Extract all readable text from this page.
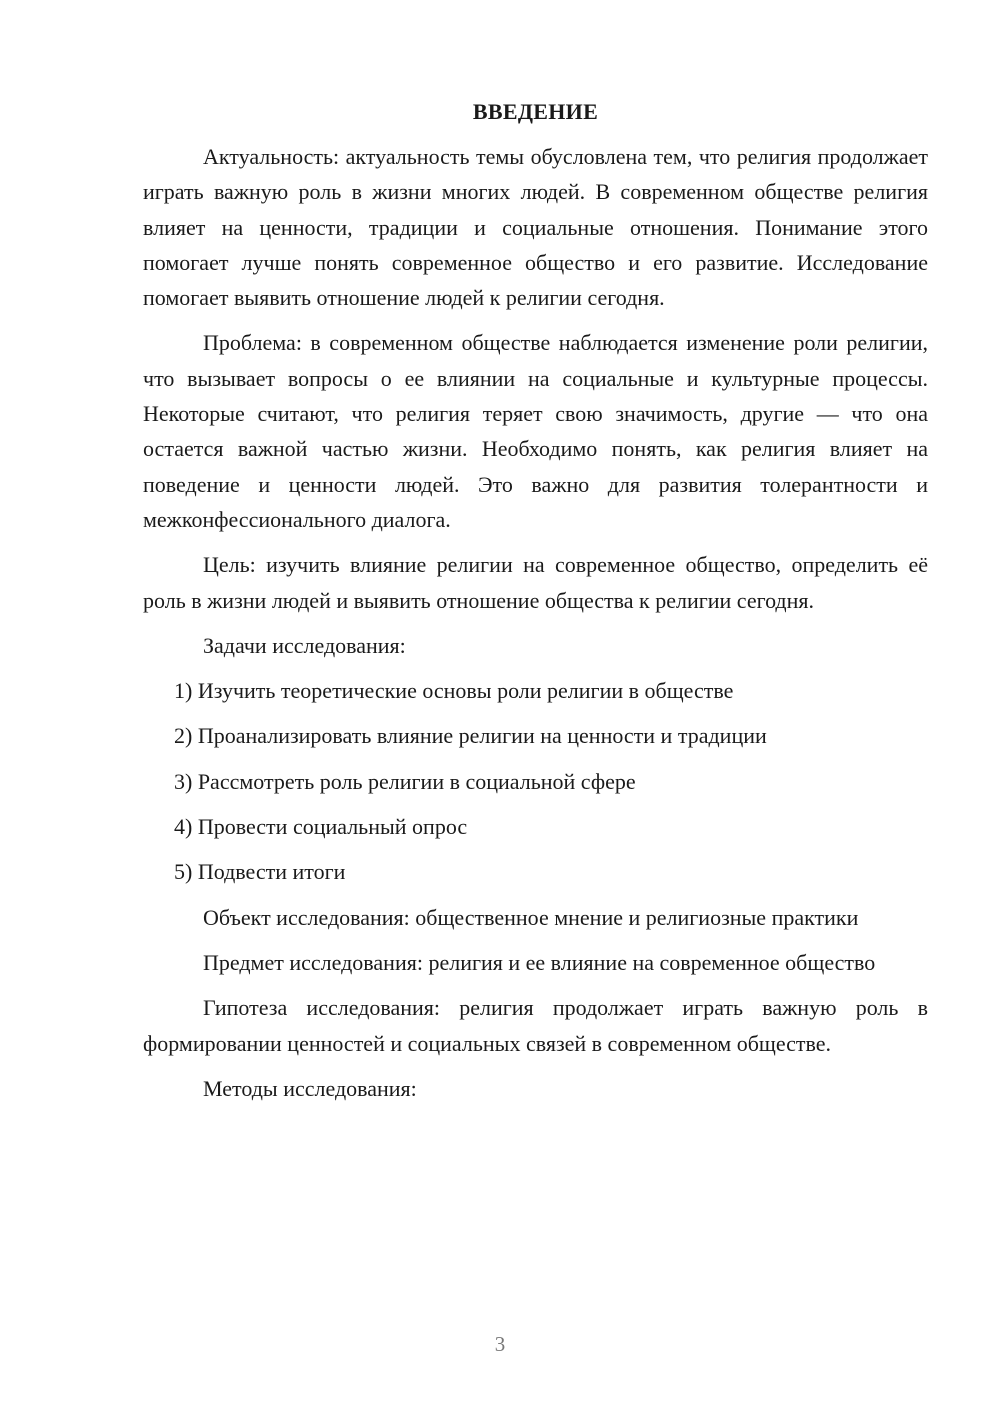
ВВЕДЕНИЕ

Актуальность: актуальность темы обусловлена тем, что религия продолжает играть важную роль в жизни многих людей. В современном обществе религия влияет на ценности, традиции и социальные отношения. Понимание этого помогает лучше понять современное общество и его развитие. Исследование помогает выявить отношение людей к религии сегодня.

Проблема: в современном обществе наблюдается изменение роли религии, что вызывает вопросы о ее влиянии на социальные и культурные процессы. Некоторые считают, что религия теряет свою значимость, другие — что она остается важной частью жизни. Необходимо понять, как религия влияет на поведение и ценности людей. Это важно для развития толерантности и межконфессионального диалога.

Цель: изучить влияние религии на современное общество, определить её роль в жизни людей и выявить отношение общества к религии сегодня.

Задачи исследования:

1) Изучить теоретические основы роли религии в обществе
2) Проанализировать влияние религии на ценности и традиции
3) Рассмотреть роль религии в социальной сфере
4) Провести социальный опрос
5) Подвести итоги

Объект исследования: общественное мнение и религиозные практики

Предмет исследования: религия и ее влияние на современное общество

Гипотеза исследования: религия продолжает играть важную роль в формировании ценностей и социальных связей в современном обществе.

Методы исследования:

3
